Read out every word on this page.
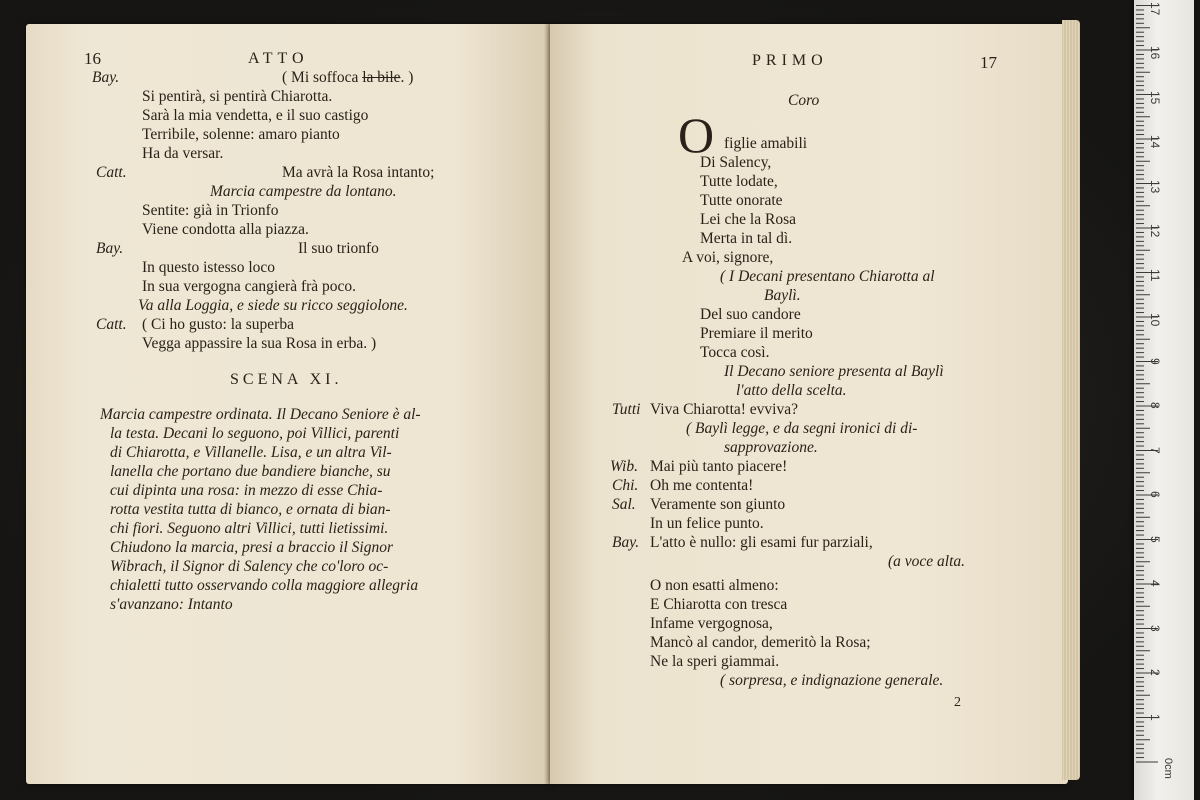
16	ATTO
Bay.	( Mi soffoca la bile. )
Si pentirà, si pentirà Chiarotta.
Sarà la mia vendetta, e il suo castigo
Terribile, solenne: amaro pianto
Ha da versar.
Catt.	Ma avrà la Rosa intanto;
Marcia campestre da lontano.
Sentite: già in Trionfo
Viene condotta alla piazza.
Bay.	Il suo trionfo
In questo istesso loco
In sua vergogna cangierà frà poco.
Va alla Loggia, e siede su ricco seggiolone.
Catt. ( Ci ho gusto: la superba
Vegga appassire la sua Rosa in erba. )
SCENA XI.
Marcia campestre ordinata. Il Decano Seniore è al-
la testa. Decani lo seguono, poi Villici, parenti
di Chiarotta, e Villanelle. Lisa, e un altra Vil-
lanella che portano due bandiere bianche, su
cui dipinta una rosa: in mezzo di esse Chia-
rotta vestita tutta di bianco, e ornata di bian-
chi fiori. Seguono altri Villici, tutti lietissimi.
Chiudono la marcia, presi a braccio il Signor
Wibrach, il Signor di Salency che co'loro oc-
chialetti tutto osservando colla maggiore allegria
s'avanzano: Intanto
PRIMO	17
Coro
O figlie amabili
Di Salency,
Tutte lodate,
Tutte onorate
Lei che la Rosa
Merta in tal dì.
A voi, signore,
( I Decani presentano Chiarotta al
Baylì.
Del suo candore
Premiare il merito
Tocca così.
Il Decano seniore presenta al Baylì
l'atto della scelta.
Tutti Viva Chiarotta! evviva?
( Baylì legge, e da segni ironici di di-
sapprovazione.
Wib. Mai più tanto piacere!
Chi. Oh me contenta!
Sal. Veramente son giunto
In un felice punto.
Bay. L'atto è nullo: gli esami fur parziali,
(a voce alta.
O non esatti almeno:
E Chiarotta con tresca
Infame vergognosa,
Mancò al candor, demeritò la Rosa;
Ne la speri giammai.
( sorpresa, e indignazione generale.
2
1
2
3
4
5
6
7
8
9
10
11
12
13
14
15
16
17
0cm
